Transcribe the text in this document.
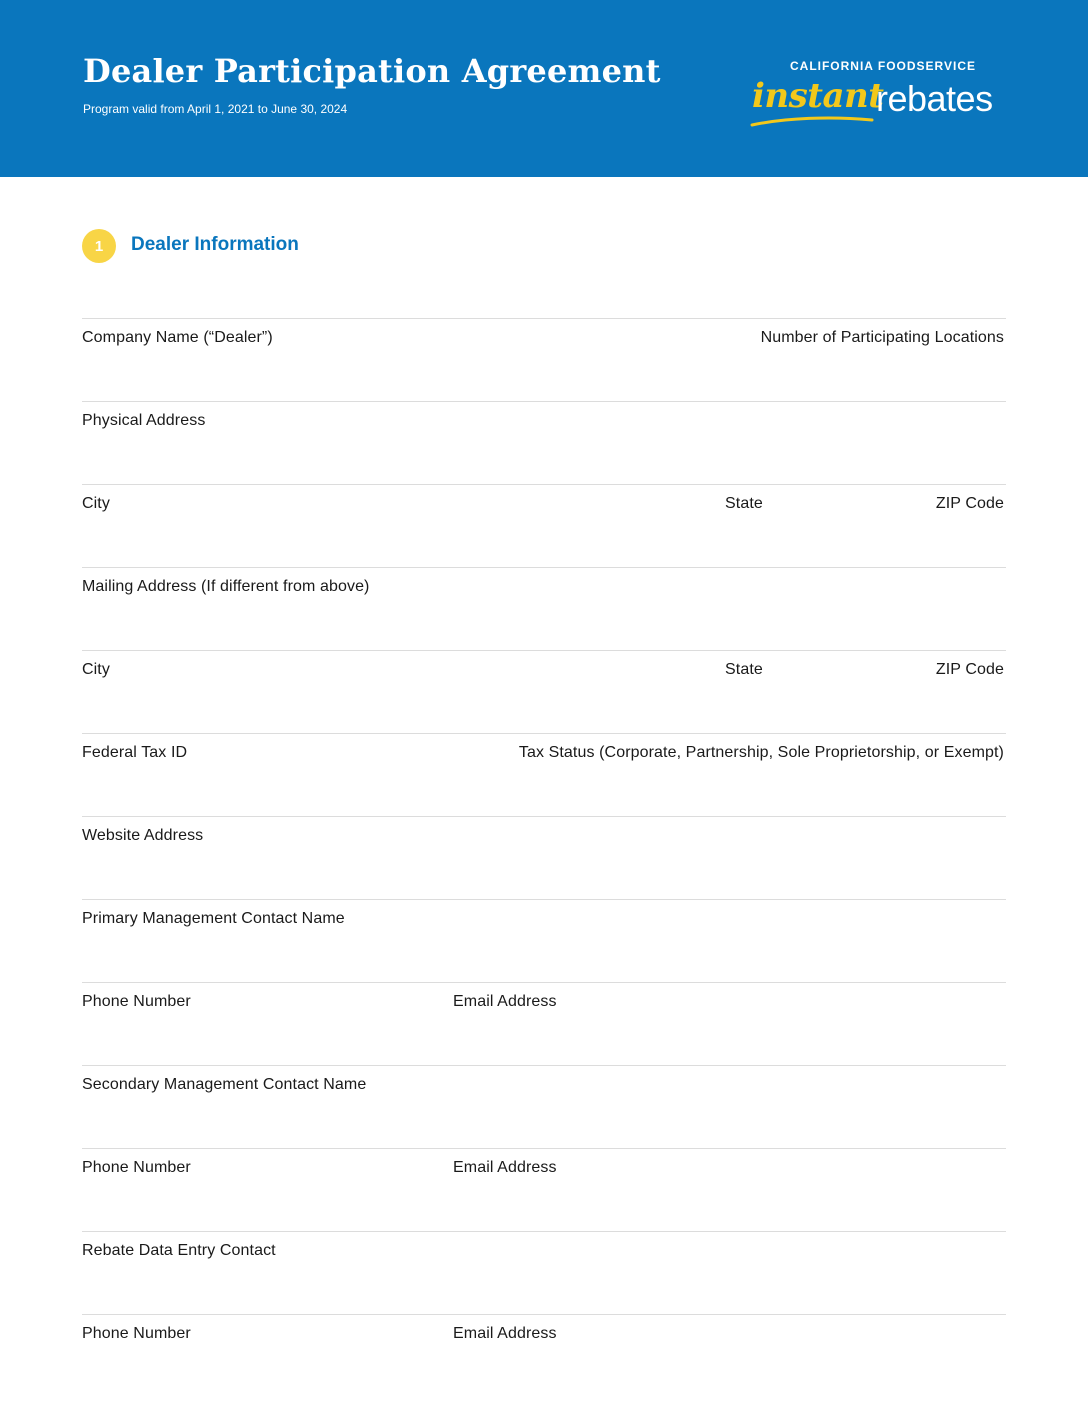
Dealer Participation Agreement
Program valid from April 1, 2021 to June 30, 2024
CALIFORNIA FOODSERVICE
instant
rebates
1	Dealer Information
Company Name (“Dealer”)	Number of Participating Locations
Physical Address
City	State	ZIP Code
Mailing Address (If different from above)
City	State	ZIP Code
Federal Tax ID	Tax Status (Corporate, Partnership, Sole Proprietorship, or Exempt)
Website Address
Primary Management Contact Name
Phone Number	Email Address
Secondary Management Contact Name
Phone Number	Email Address
Rebate Data Entry Contact
Phone Number	Email Address
